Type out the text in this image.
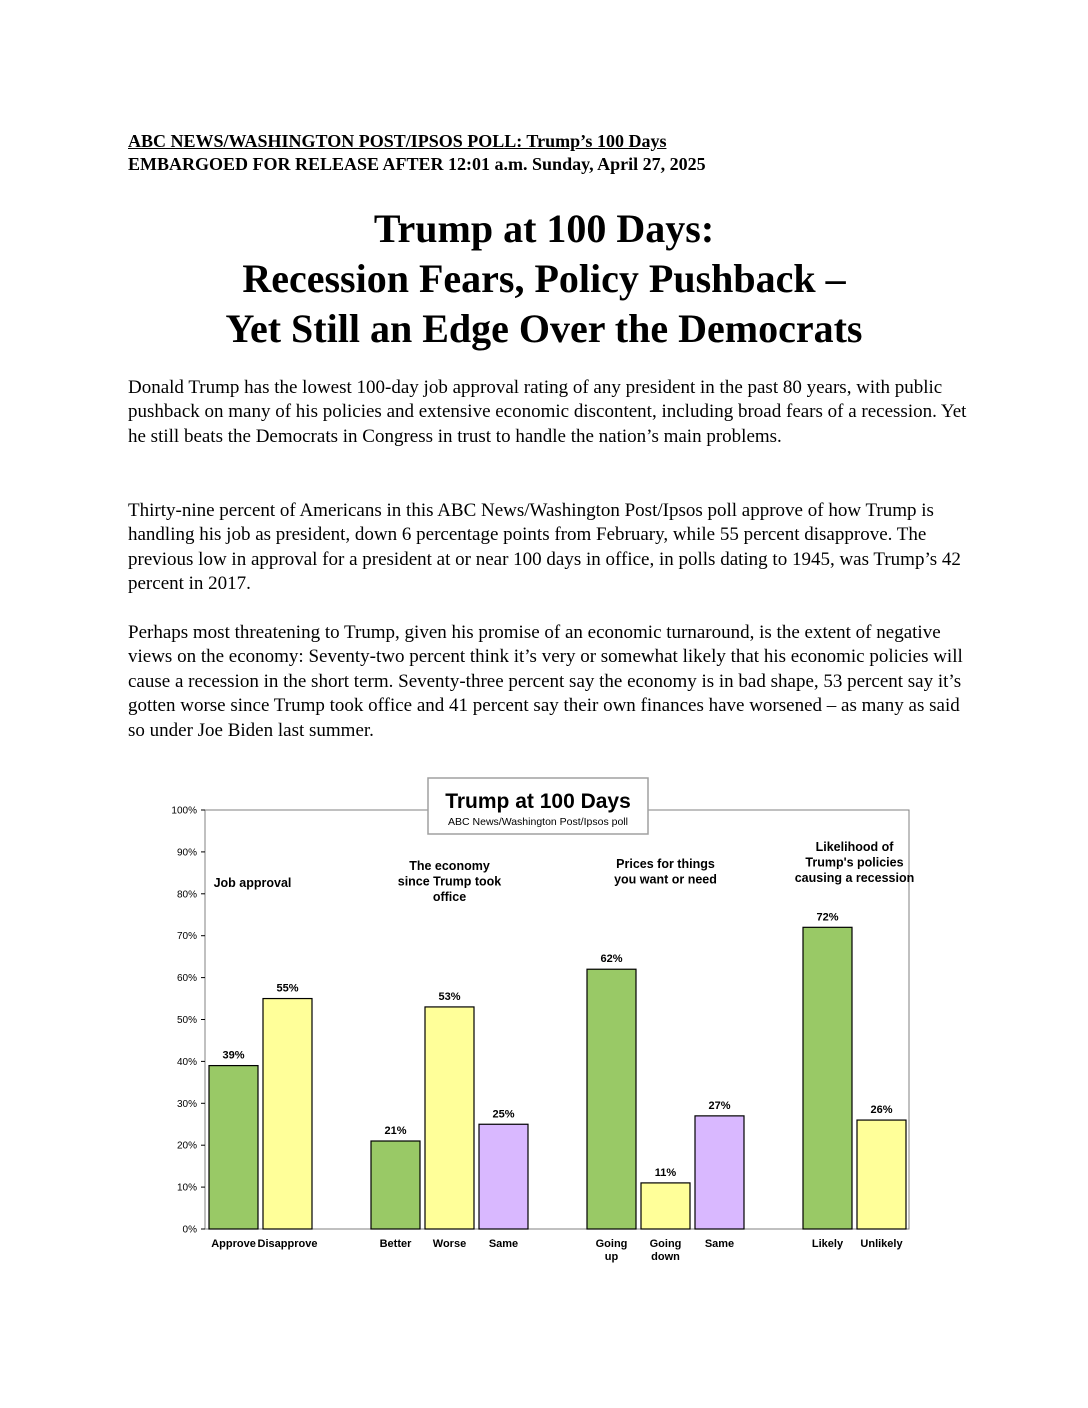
ABC NEWS/WASHINGTON POST/IPSOS POLL: Trump’s 100 Days
EMBARGOED FOR RELEASE AFTER 12:01 a.m. Sunday, April 27, 2025
Trump at 100 Days:
Recession Fears, Policy Pushback –
Yet Still an Edge Over the Democrats

Donald Trump has the lowest 100-day job approval rating of any president in the past 80 years, with public pushback on many of his policies and extensive economic discontent, including broad fears of a recession. Yet he still beats the Democrats in Congress in trust to handle the nation’s main problems.

Thirty-nine percent of Americans in this ABC News/Washington Post/Ipsos poll approve of how Trump is handling his job as president, down 6 percentage points from February, while 55 percent disapprove. The previous low in approval for a president at or near 100 days in office, in polls dating to 1945, was Trump’s 42 percent in 2017.

Perhaps most threatening to Trump, given his promise of an economic turnaround, is the extent of negative views on the economy: Seventy-two percent think it’s very or somewhat likely that his economic policies will cause a recession in the short term. Seventy-three percent say the economy is in bad shape, 53 percent say it’s gotten worse since Trump took office and 41 percent say their own finances have worsened – as many as said so under Joe Biden last summer.

0%
10%
20%
30%
40%
50%
60%
70%
80%
90%
100%
Job approval
39%
Approve
55%
Disapprove
The economy
since Trump took
office
21%
Better
53%
Worse
25%
Same
Prices for things
you want or need
62%
Going
up
11%
Going
down
27%
Same
Likelihood of
Trump's policies
causing a recession
72%
Likely
26%
Unlikely
Trump at 100 Days
ABC News/Washington Post/Ipsos poll
